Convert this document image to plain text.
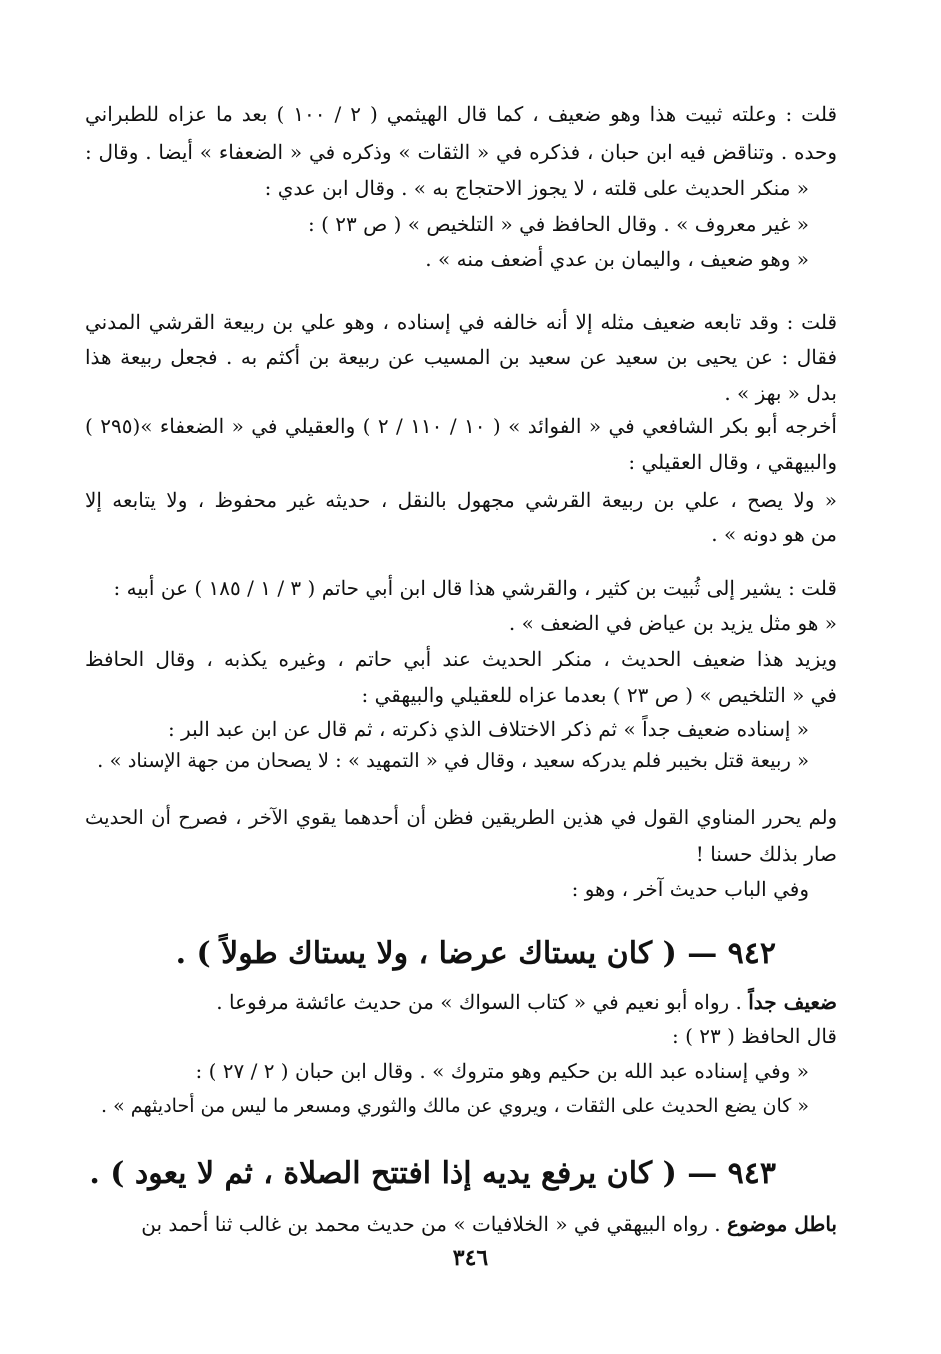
قلت : وعلته ثبيت هذا وهو ضعيف ، كما قال الهيثمي ( ٢ / ١٠٠ ) بعد ما عزاه للطبراني
وحده . وتناقض فيه ابن حبان ، فذكره في « الثقات » وذكره في « الضعفاء » أيضا . وقال :
« منكر الحديث على قلته ، لا يجوز الاحتجاج به » . وقال ابن عدي :
« غير معروف » . وقال الحافظ في « التلخيص » ( ص ٢٣ ) :
« وهو ضعيف ، واليمان بن عدي أضعف منه » .
قلت : وقد تابعه ضعيف مثله إلا أنه خالفه في إسناده ، وهو علي بن ربيعة القرشي المدني
فقال : عن يحيى بن سعيد عن سعيد بن المسيب عن ربيعة بن أكثم به . فجعل ربيعة هذا
بدل « بهز » .
أخرجه أبو بكر الشافعي في « الفوائد » ( ١٠ / ١١٠ / ٢ ) والعقيلي في « الضعفاء »(٢٩٥ )
والبيهقي ، وقال العقيلي :
« ولا يصح ، علي بن ربيعة القرشي مجهول بالنقل ، حديثه غير محفوظ ، ولا يتابعه إلا
من هو دونه » .
قلت : يشير إلى ثُبيت بن كثير ، والقرشي هذا قال ابن أبي حاتم ( ٣ / ١ / ١٨٥ ) عن أبيه :
« هو مثل يزيد بن عياض في الضعف » .
ويزيد هذا ضعيف الحديث ، منكر الحديث عند أبي حاتم ، وغيره يكذبه ، وقال الحافظ
في « التلخيص » ( ص ٢٣ ) بعدما عزاه للعقيلي والبيهقي :
« إسناده ضعيف جداً » ثم ذكر الاختلاف الذي ذكرته ، ثم قال عن ابن عبد البر :
« ربيعة قتل بخيبر فلم يدركه سعيد ، وقال في « التمهيد » : لا يصحان من جهة الإسناد » .
ولم يحرر المناوي القول في هذين الطريقين فظن أن أحدهما يقوي الآخر ، فصرح أن الحديث
صار بذلك حسنا !
وفي الباب حديث آخر ، وهو :
٩٤٢ — ( كان يستاك عرضا ، ولا يستاك طولاً ) .
ضعيف جداً . رواه أبو نعيم في « كتاب السواك » من حديث عائشة مرفوعا .
قال الحافظ ( ٢٣ ) :
« وفي إسناده عبد الله بن حكيم وهو متروك » . وقال ابن حبان ( ٢ / ٢٧ ) :
« كان يضع الحديث على الثقات ، ويروي عن مالك والثوري ومسعر ما ليس من أحاديثهم » .
٩٤٣ — ( كان يرفع يديه إذا افتتح الصلاة ، ثم لا يعود ) .
باطل موضوع . رواه البيهقي في « الخلافيات » من حديث محمد بن غالب ثنا أحمد بن
٣٤٦
